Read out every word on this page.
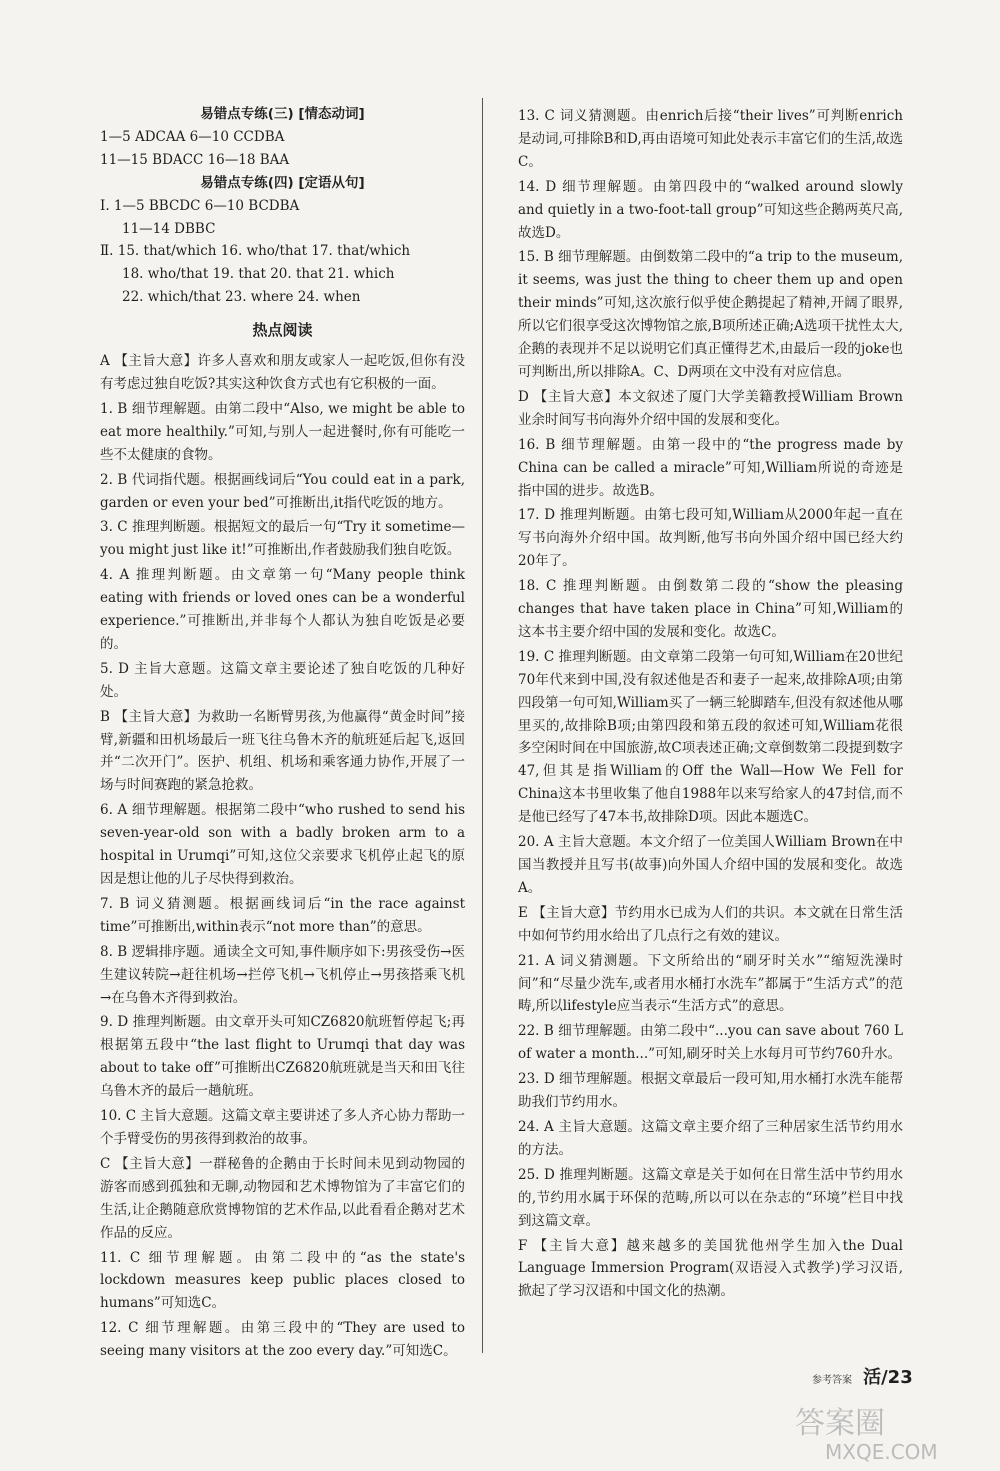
易错点专练(三) [情态动词]

1—5 ADCAA 6—10 CCDBA

11—15 BDACC 16—18 BAA

易错点专练(四) [定语从句]

Ⅰ. 1—5 BBCDC 6—10 BCDBA

11—14 DBBC

Ⅱ. 15. that/which 16. who/that 17. that/which

18. who/that 19. that 20. that 21. which

22. which/that 23. where 24. when

热点阅读

A 【主旨大意】许多人喜欢和朋友或家人一起吃饭,但你有没有考虑过独自吃饭?其实这种饮食方式也有它积极的一面。

1. B 细节理解题。由第二段中“Also, we might be able to eat more healthily.”可知,与别人一起进餐时,你有可能吃一些不太健康的食物。

2. B 代词指代题。根据画线词后“You could eat in a park, garden or even your bed”可推断出,it指代吃饭的地方。

3. C 推理判断题。根据短文的最后一句“Try it sometime—you might just like it!”可推断出,作者鼓励我们独自吃饭。

4. A 推理判断题。由文章第一句“Many people think eating with friends or loved ones can be a wonderful experience.”可推断出,并非每个人都认为独自吃饭是必要的。

5. D 主旨大意题。这篇文章主要论述了独自吃饭的几种好处。

B 【主旨大意】为救助一名断臂男孩,为他赢得“黄金时间”接臂,新疆和田机场最后一班飞往乌鲁木齐的航班延后起飞,返回并“二次开门”。医护、机组、机场和乘客通力协作,开展了一场与时间赛跑的紧急抢救。

6. A 细节理解题。根据第二段中“who rushed to send his seven-year-old son with a badly broken arm to a hospital in Urumqi”可知,这位父亲要求飞机停止起飞的原因是想让他的儿子尽快得到救治。

7. B 词义猜测题。根据画线词后“in the race against time”可推断出,within表示“not more than”的意思。

8. B 逻辑排序题。通读全文可知,事件顺序如下:男孩受伤→医生建议转院→赶往机场→拦停飞机→飞机停止→男孩搭乘飞机→在乌鲁木齐得到救治。

9. D 推理判断题。由文章开头可知CZ6820航班暂停起飞;再根据第五段中“the last flight to Urumqi that day was about to take off”可推断出CZ6820航班就是当天和田飞往乌鲁木齐的最后一趟航班。

10. C 主旨大意题。这篇文章主要讲述了多人齐心协力帮助一个手臂受伤的男孩得到救治的故事。

C 【主旨大意】一群秘鲁的企鹅由于长时间未见到动物园的游客而感到孤独和无聊,动物园和艺术博物馆为了丰富它们的生活,让企鹅随意欣赏博物馆的艺术作品,以此看看企鹅对艺术作品的反应。

11. C 细节理解题。由第二段中的“as the state's lockdown measures keep public places closed to humans”可知选C。

12. C 细节理解题。由第三段中的“They are used to seeing many visitors at the zoo every day.”可知选C。

13. C 词义猜测题。由enrich后接“their lives”可判断enrich是动词,可排除B和D,再由语境可知此处表示丰富它们的生活,故选C。

14. D 细节理解题。由第四段中的“walked around slowly and quietly in a two-foot-tall group”可知这些企鹅两英尺高,故选D。

15. B 细节理解题。由倒数第二段中的“a trip to the museum, it seems, was just the thing to cheer them up and open their minds”可知,这次旅行似乎使企鹅提起了精神,开阔了眼界,所以它们很享受这次博物馆之旅,B项所述正确;A选项干扰性太大,企鹅的表现并不足以说明它们真正懂得艺术,由最后一段的joke也可判断出,所以排除A。C、D两项在文中没有对应信息。

D 【主旨大意】本文叙述了厦门大学美籍教授William Brown业余时间写书向海外介绍中国的发展和变化。

16. B 细节理解题。由第一段中的“the progress made by China can be called a miracle”可知,William所说的奇迹是指中国的进步。故选B。

17. D 推理判断题。由第七段可知,William从2000年起一直在写书向海外介绍中国。故判断,他写书向外国介绍中国已经大约20年了。

18. C 推理判断题。由倒数第二段的“show the pleasing changes that have taken place in China”可知,William的这本书主要介绍中国的发展和变化。故选C。

19. C 推理判断题。由文章第二段第一句可知,William在20世纪70年代来到中国,没有叙述他是否和妻子一起来,故排除A项;由第四段第一句可知,William买了一辆三轮脚踏车,但没有叙述他从哪里买的,故排除B项;由第四段和第五段的叙述可知,William花很多空闲时间在中国旅游,故C项表述正确;文章倒数第二段提到数字47,但其是指William的Off the Wall—How We Fell for China这本书里收集了他自1988年以来写给家人的47封信,而不是他已经写了47本书,故排除D项。因此本题选C。

20. A 主旨大意题。本文介绍了一位美国人William Brown在中国当教授并且写书(故事)向外国人介绍中国的发展和变化。故选A。

E 【主旨大意】节约用水已成为人们的共识。本文就在日常生活中如何节约用水给出了几点行之有效的建议。

21. A 词义猜测题。下文所给出的“刷牙时关水”“缩短洗澡时间”和“尽量少洗车,或者用水桶打水洗车”都属于“生活方式”的范畴,所以lifestyle应当表示“生活方式”的意思。

22. B 细节理解题。由第二段中“...you can save about 760 L of water a month...”可知,刷牙时关上水每月可节约760升水。

23. D 细节理解题。根据文章最后一段可知,用水桶打水洗车能帮助我们节约用水。

24. A 主旨大意题。这篇文章主要介绍了三种居家生活节约用水的方法。

25. D 推理判断题。这篇文章是关于如何在日常生活中节约用水的,节约用水属于环保的范畴,所以可以在杂志的“环境”栏目中找到这篇文章。

F 【主旨大意】越来越多的美国犹他州学生加入the Dual Language Immersion Program(双语浸入式教学)学习汉语,掀起了学习汉语和中国文化的热潮。

参考答案 活/23
答案圈
MXQE.COM
